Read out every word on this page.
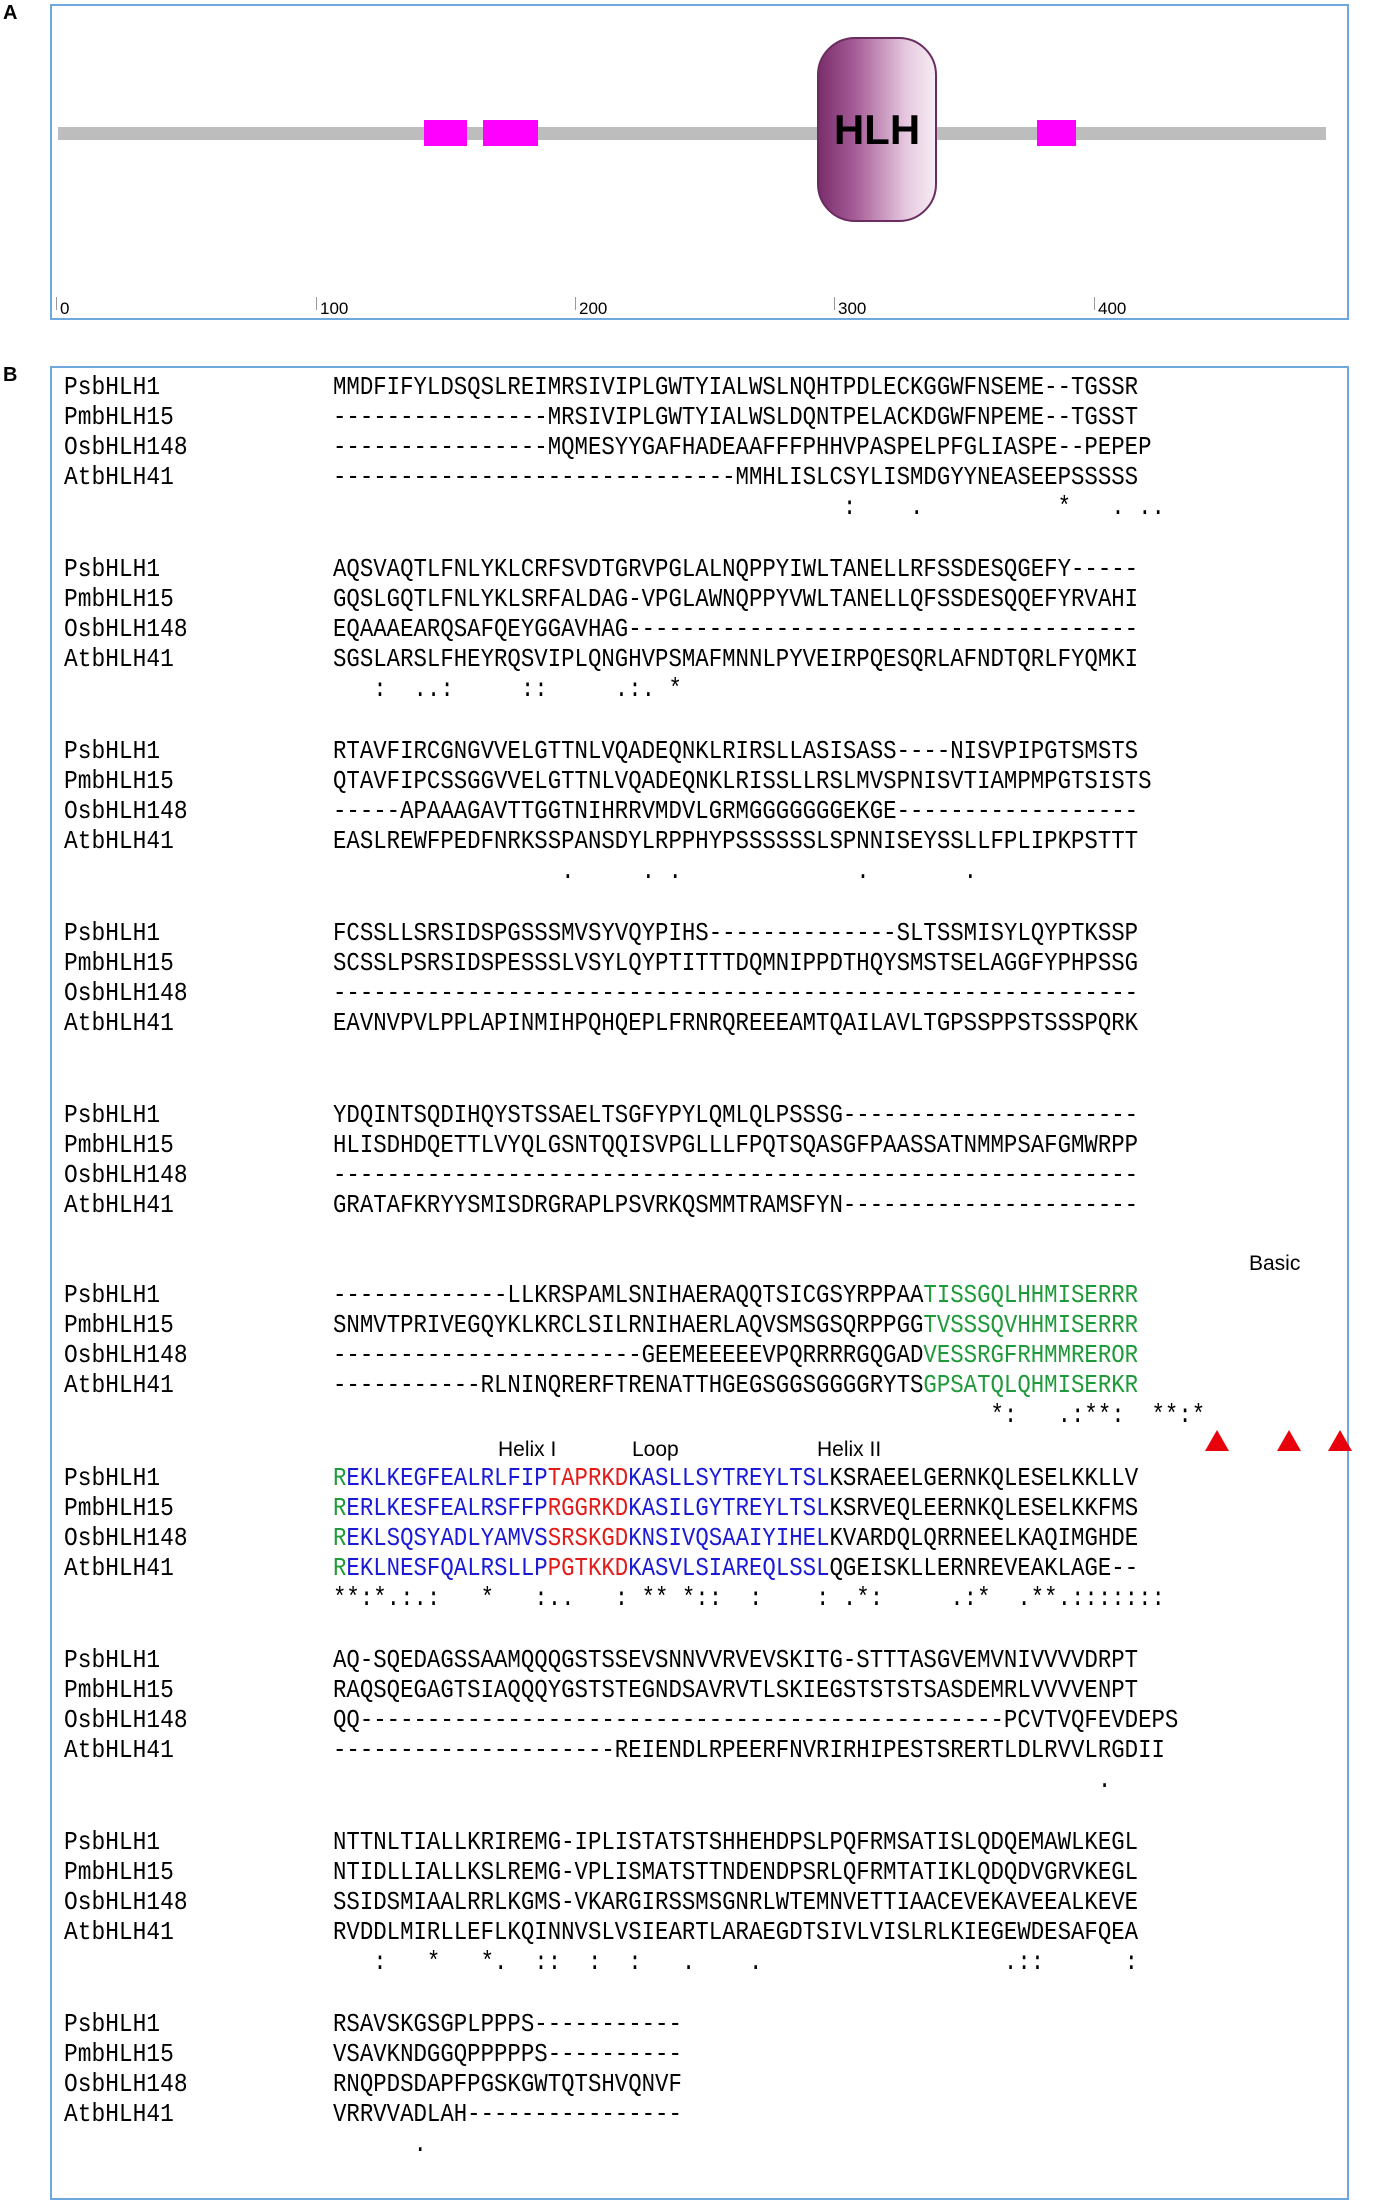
A
HLH
0	100	200	300	400
B PsbHLH1	MMDFIFYLDSQSLREIMRSIVIPLGWTYIALWSLNQHTPDLECKGGWFNSEME--TGSSR
PmbHLH15	----------------MRSIVIPLGWTYIALWSLDQNTPELACKDGWFNPEME--TGSST
OsbHLH148	----------------MQMESYYGAFHADEAAFFFPHHVPASPELPFGLIASPE--PEPEP
AtbHLH41	------------------------------MMHLISLCSYLISMDGYYNEASEEPSSSSS
:    .          *   . ..
PsbHLH1	AQSVAQTLFNLYKLCRFSVDTGRVPGLALNQPPYIWLTANELLRFSSDESQGEFY-----
PmbHLH15	GQSLGQTLFNLYKLSRFALDAG-VPGLAWNQPPYVWLTANELLQFSSDESQQEFYRVAHI
OsbHLH148	EQAAAEARQSAFQEYGGAVHAG--------------------------------------
AtbHLH41	SGSLARSLFHEYRQSVIPLQNGHVPSMAFMNNLPYVEIRPQESQRLAFNDTQRLFYQMKI
:  ..:     ::     .:. *
PsbHLH1	RTAVFIRCGNGVVELGTTNLVQADEQNKLRIRSLLASISASS----NISVPIPGTSMSTS
PmbHLH15	QTAVFIPCSSGGVVELGTTNLVQADEQNKLRISSLLRSLMVSPNISVTIAMPMPGTSISTS
OsbHLH148	-----APAAAGAVTTGGTNIHRRVMDVLGRMGGGGGGGEKGE------------------
AtbHLH41	EASLREWFPEDFNRKSSPANSDYLRPPHYPSSSSSSLSPNNISEYSSLLFPLIPKPSTTT
.     . .             .       .
PsbHLH1	FCSSLLSRSIDSPGSSSMVSYVQYPIHS--------------SLTSSMISYLQYPTKSSP
PmbHLH15	SCSSLPSRSIDSPESSSLVSYLQYPTITTTDQMNIPPDTHQYSMSTSELAGGFYPHPSSG
OsbHLH148	------------------------------------------------------------
AtbHLH41	EAVNVPVLPPLAPINMIHPQHQEPLFRNRQREEEAMTQAILAVLTGPSSPPSTSSSPQRK
PsbHLH1	YDQINTSQDIHQYSTSSAELTSGFYPYLQMLQLPSSSG----------------------
PmbHLH15	HLISDHDQETTLVYQLGSNTQQISVPGLLLFPQTSQASGFPAASSATNMMPSAFGMWRPP
OsbHLH148	------------------------------------------------------------
AtbHLH41	GRATAFKRYYSMISDRGRAPLPSVRKQSMMTRAMSFYN----------------------
Basic
PsbHLH1	-------------LLKRSPAMLSNIHAERAQQTSICGSYRPPAATISSGQLHHMISERRR
PmbHLH15	SNMVTPRIVEGQYKLKRCLSILRNIHAERLAQVSMSGSQRPPGGTVSSSQVHHMISERRR
OsbHLH148	-----------------------GEEMEEEEEVPQRRRRGQGADVESSRGFRHMMREROR
AtbHLH41	-----------RLNINQRERFTRENATTHGEGSGGSGGGGRYTSGPSATQLQHMISERKR
*:   .:**:  **:*
Helix I	Loop	Helix II
PsbHLH1	REKLKEGFEALRLFIPTAPRKDKASLLSYTREYLTSLKSRAEELGERNKQLESELKKLLV
PmbHLH15	RERLKESFEALRSFFPRGGRKDKASILGYTREYLTSLKSRVEQLEERNKQLESELKKFMS
OsbHLH148	REKLSQSYADLYAMVSSRSKGDKNSIVQSAAIYIHELKVARDQLQRRNEELKAQIMGHDE
AtbHLH41	REKLNESFQALRSLLPPGTKKDKASVLSIAREQLSSLQGEISKLLERNREVEAKLAGE--
**:*.:.:   *   :..   : ** *::  :    : .*:     .:*  .**.:::::::
PsbHLH1	AQ-SQEDAGSSAAMQQQGSTSSEVSNNVVRVEVSKITG-STTTASGVEMVNIVVVVDRPT
PmbHLH15	RAQSQEGAGTSIAQQQYGSTSTEGNDSAVRVTLSKIEGSTSTSTSASDEMRLVVVVENPT
OsbHLH148	QQ------------------------------------------------PCVTVQFEVDEPS
AtbHLH41	---------------------REIENDLRPEERFNVRIRHIPESTSRERTLDLRVVLRGDII
.
PsbHLH1	NTTNLTIALLKRIREMG-IPLISTATSTSHHEHDPSLPQFRMSATISLQDQEMAWLKEGL
PmbHLH15	NTIDLLIALLKSLREMG-VPLISMATSTTNDENDPSRLQFRMTATIKLQDQDVGRVKEGL
OsbHLH148	SSIDSMIAALRRLKGMS-VKARGIRSSMSGNRLWTEMNVETTIAACEVEKAVEEALKEVE
AtbHLH41	RVDDLMIRLLEFLKQINNVSLVSIEARTLARAEGDTSIVLVISLRLKIEGEWDESAFQEA
:   *   *.  ::  :  :   .    .                  .::      :
PsbHLH1	RSAVSKGSGPLPPPS-----------
PmbHLH15	VSAVKNDGGQPPPPPS----------
OsbHLH148	RNQPDSDAPFPGSKGWTQTSHVQNVF
AtbHLH41	VRRVVADLAH----------------
.
